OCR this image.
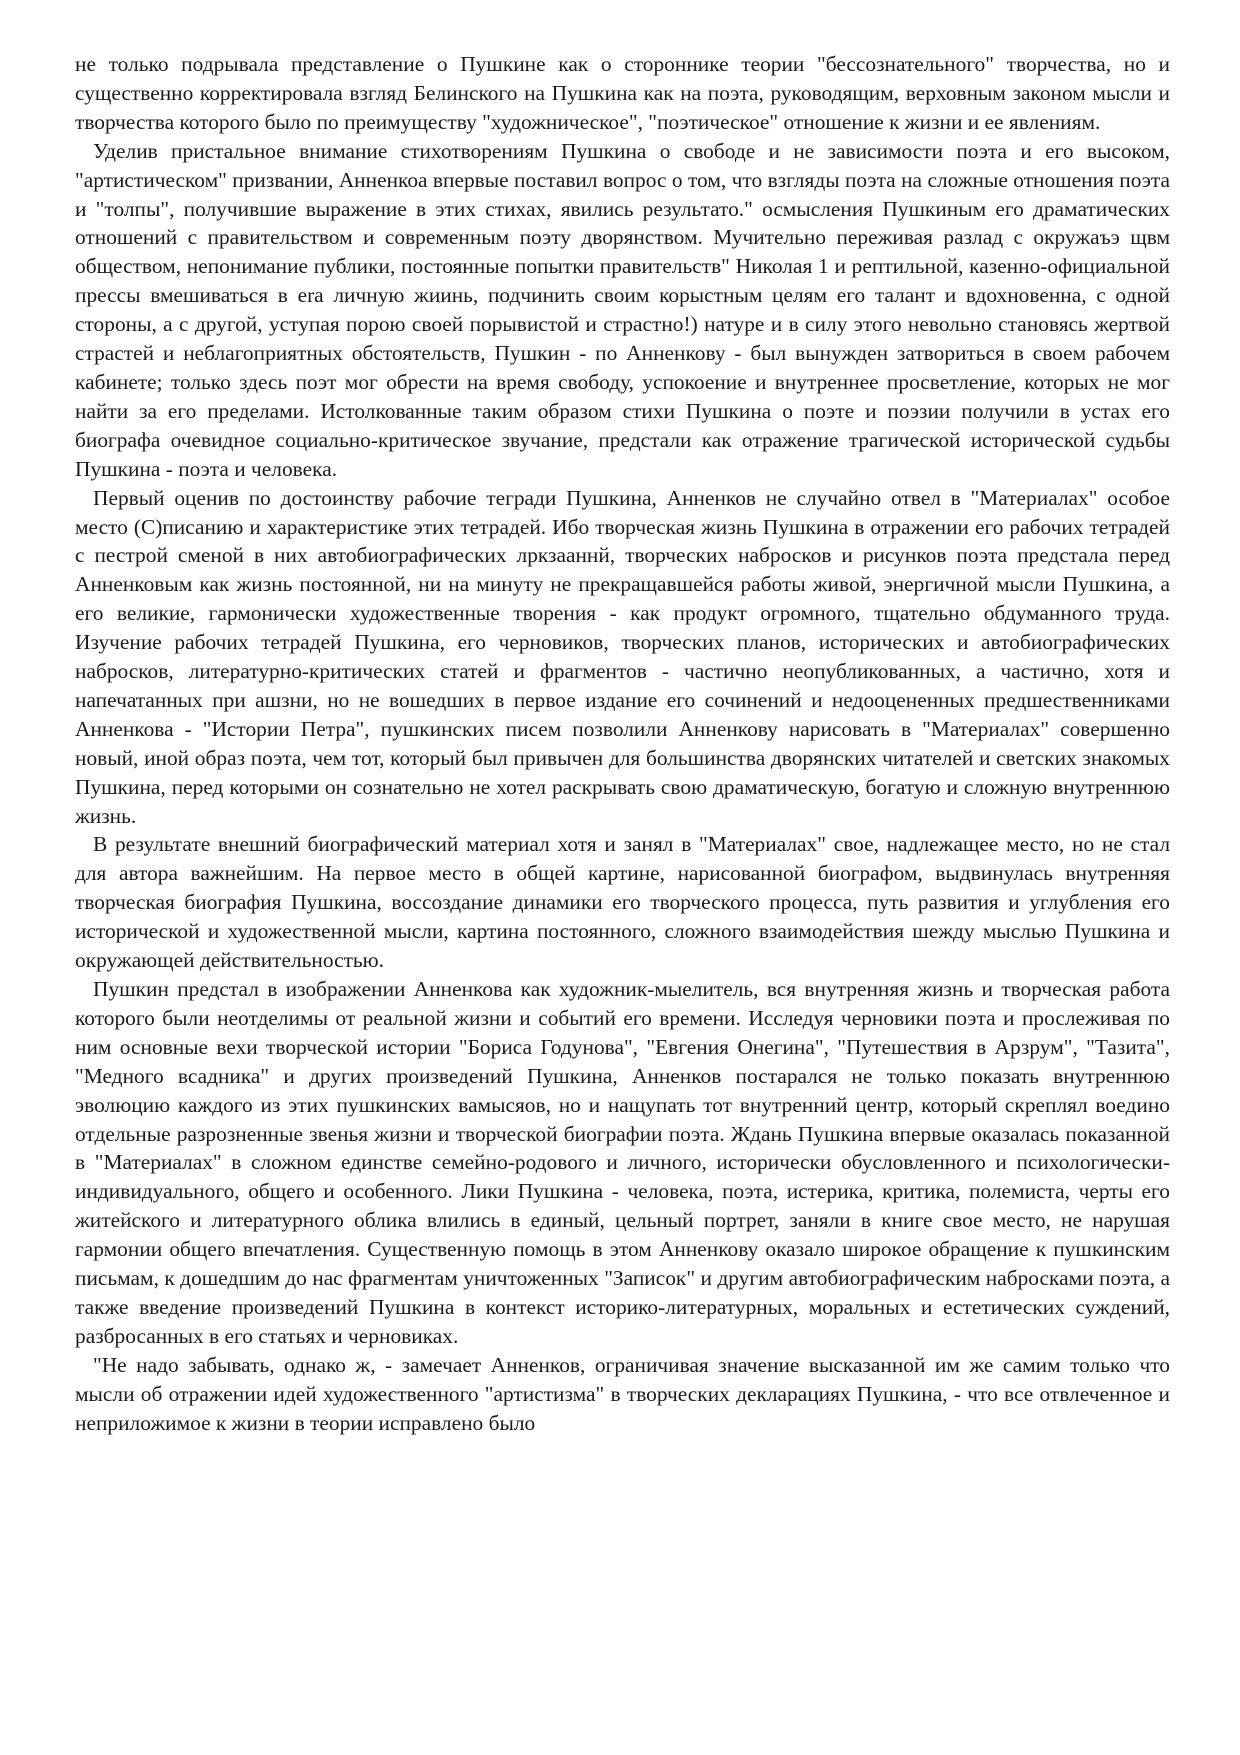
не только подрывала представление о Пушкине как о стороннике теории "бессознательного" творчества, но и существенно корректировала взгляд Белинского на Пушкина как на поэта, руководящим, верховным законом мысли и творчества которого было по преимуществу "художническое", "поэтическое" отношение к жизни и ее явлениям.

Уделив пристальное внимание стихотворениям Пушкина о свободе и не зависимости поэта и его высоком, "артистическом" призвании, Анненкоа впервые поставил вопрос о том, что взгляды поэта на сложные отношения поэта и "толпы", получившие выражение в этих стихах, явились результато." осмысления Пушкиным его драматических отношений с правительством и современным поэту дворянством. Мучительно переживая разлад с окружаъэ щвм обществом, непонимание публики, постоянные попытки правительств" Николая 1 и рептильной, казенно-официальной прессы вмешиваться в era личную жиинь, подчинить своим корыстным целям его талант и вдохновенна, с одной стороны, а с другой, уступая порою своей порывистой и страстно!) натуре и в силу этого невольно становясь жертвой страстей и неблагоприятных обстоятельств, Пушкин - по Анненкову - был вынужден затвориться в своем рабочем кабинете; только здесь поэт мог обрести на время свободу, успокоение и внутреннее просветление, которых не мог найти за его пределами. Истолкованные таким образом стихи Пушкина о поэте и поэзии получили в устах его биографа очевидное социально-критическое звучание, предстали как отражение трагической исторической судьбы Пушкина - поэта и человека.

Первый оценив по достоинству рабочие тегради Пушкина, Анненков не случайно отвел в "Материалах" особое место (С)писанию и характеристике этих тетрадей. Ибо творческая жизнь Пушкина в отражении его рабочих тетрадей с пестрой сменой в них автобиографических лркзааннй, творческих набросков и рисунков поэта предстала перед Анненковым как жизнь постоянной, ни на минуту не прекращавшейся работы живой, энергичной мысли Пушкина, а его великие, гармонически художественные творения - как продукт огромного, тщательно обдуманного труда. Изучение рабочих тетрадей Пушкина, его черновиков, творческих планов, исторических и автобиографических набросков, литературно-критических статей и фрагментов - частично неопубликованных, а частично, хотя и напечатанных при ашзни, но не вошедших в первое издание его сочинений и недооцененных предшественниками Анненкова - "Истории Петра", пушкинских писем позволили Анненкову нарисовать в "Материалах" совершенно новый, иной образ поэта, чем тот, который был привычен для большинства дворянских читателей и светских знакомых Пушкина, перед которыми он сознательно не хотел раскрывать свою драматическую, богатую и сложную внутреннюю жизнь.

В результате внешний биографический материал хотя и занял в "Материалах" свое, надлежащее место, но не стал для автора важнейшим. На первое место в общей картине, нарисованной биографом, выдвинулась внутренняя творческая биография Пушкина, воссоздание динамики его творческого процесса, путь развития и углубления его исторической и художественной мысли, картина постоянного, сложного взаимодействия шежду мыслью Пушкина и окружающей действительностью.

Пушкин предстал в изображении Анненкова как художник-мыелитель, вся внутренняя жизнь и творческая работа которого были неотделимы от реальной жизни и событий его времени. Исследуя черновики поэта и прослеживая по ним основные вехи творческой истории "Бориса Годунова", "Евгения Онегина", "Путешествия в Арзрум", "Тазита", "Медного всадника" и других произведений Пушкина, Анненков постарался не только показать внутреннюю эволюцию каждого из этих пушкинских вамысяов, но и нащупать тот внутренний центр, который скреплял воедино отдельные разрозненные звенья жизни и творческой биографии поэта. Ждань Пушкина впервые оказалась показанной в "Материалах" в сложном единстве семейно-родового и личного, исторически обусловленного и психологически-индивидуального, общего и особенного. Лики Пушкина - человека, поэта, истерика, критика, полемиста, черты его житейского и литературного облика влились в единый, цельный портрет, заняли в книге свое место, не нарушая гармонии общего впечатления. Существенную помощь в этом Анненкову оказало широкое обращение к пушкинским письмам, к дошедшим до нас фрагментам уничтоженных "Записок" и другим автобиографическим набросками поэта, а также введение произведений Пушкина в контекст историко-литературных, моральных и естетических суждений, разбросанных в его статьях и черновиках.

"Не надо забывать, однако ж, - замечает Анненков, ограничивая значение высказанной им же самим только что мысли об отражении идей художественного "артистизма" в творческих декларациях Пушкина, - что все отвлеченное и неприложимое к жизни в теории исправлено было
